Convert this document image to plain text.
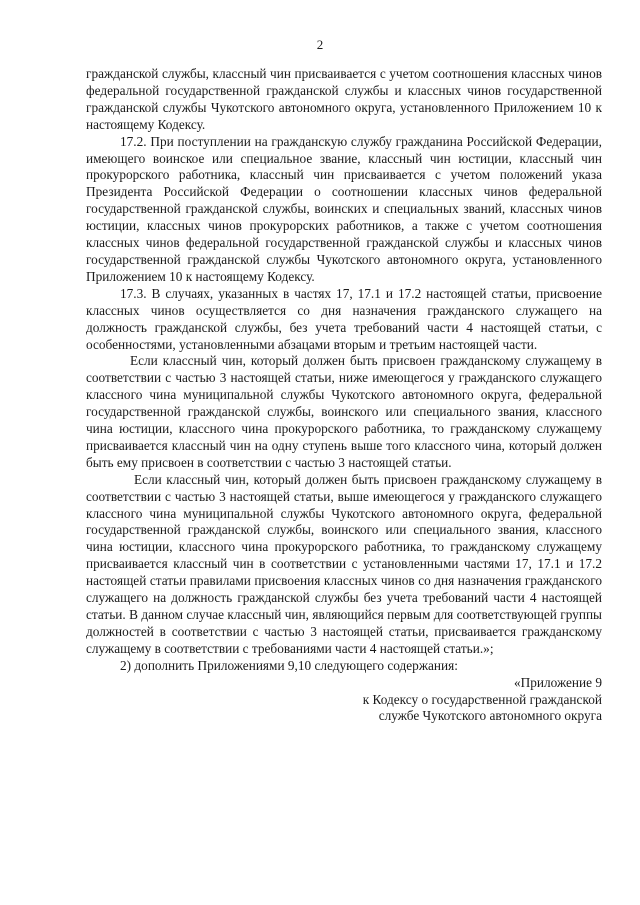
2

гражданской службы, классный чин присваивается с учетом соотношения классных чинов федеральной государственной гражданской службы и классных чинов государственной гражданской службы Чукотского автономного округа, установленного Приложением 10 к настоящему Кодексу.

17.2. При поступлении на гражданскую службу гражданина Российской Федерации, имеющего воинское или специальное звание, классный чин юстиции, классный чин прокурорского работника, классный чин присваивается с учетом положений указа Президента Российской Федерации о соотношении классных чинов федеральной государственной гражданской службы, воинских и специальных званий, классных чинов юстиции, классных чинов прокурорских работников, а также с учетом соотношения классных чинов федеральной государственной гражданской службы и классных чинов государственной гражданской службы Чукотского автономного округа, установленного Приложением 10 к настоящему Кодексу.

17.3. В случаях, указанных в частях 17, 17.1 и 17.2 настоящей статьи, присвоение классных чинов осуществляется со дня назначения гражданского служащего на должность гражданской службы, без учета требований части 4 настоящей статьи, с особенностями, установленными абзацами вторым и третьим настоящей части.

Если классный чин, который должен быть присвоен гражданскому служащему в соответствии с частью 3 настоящей статьи, ниже имеющегося у гражданского служащего классного чина муниципальной службы Чукотского автономного округа, федеральной государственной гражданской службы, воинского или специального звания, классного чина юстиции, классного чина прокурорского работника, то гражданскому служащему присваивается классный чин на одну ступень выше того классного чина, который должен быть ему присвоен в соответствии с частью 3 настоящей статьи.

Если классный чин, который должен быть присвоен гражданскому служащему в соответствии с частью 3 настоящей статьи, выше имеющегося у гражданского служащего классного чина муниципальной службы Чукотского автономного округа, федеральной государственной гражданской службы, воинского или специального звания, классного чина юстиции, классного чина прокурорского работника, то гражданскому служащему присваивается классный чин в соответствии с установленными частями 17, 17.1 и 17.2 настоящей статьи правилами присвоения классных чинов со дня назначения гражданского служащего на должность гражданской службы без учета требований части 4 настоящей статьи. В данном случае классный чин, являющийся первым для соответствующей группы должностей в соответствии с частью 3 настоящей статьи, присваивается гражданскому служащему в соответствии с требованиями части 4 настоящей статьи.»;

2) дополнить Приложениями 9,10 следующего содержания:

«Приложение 9
к Кодексу о государственной гражданской
службе Чукотского автономного округа
